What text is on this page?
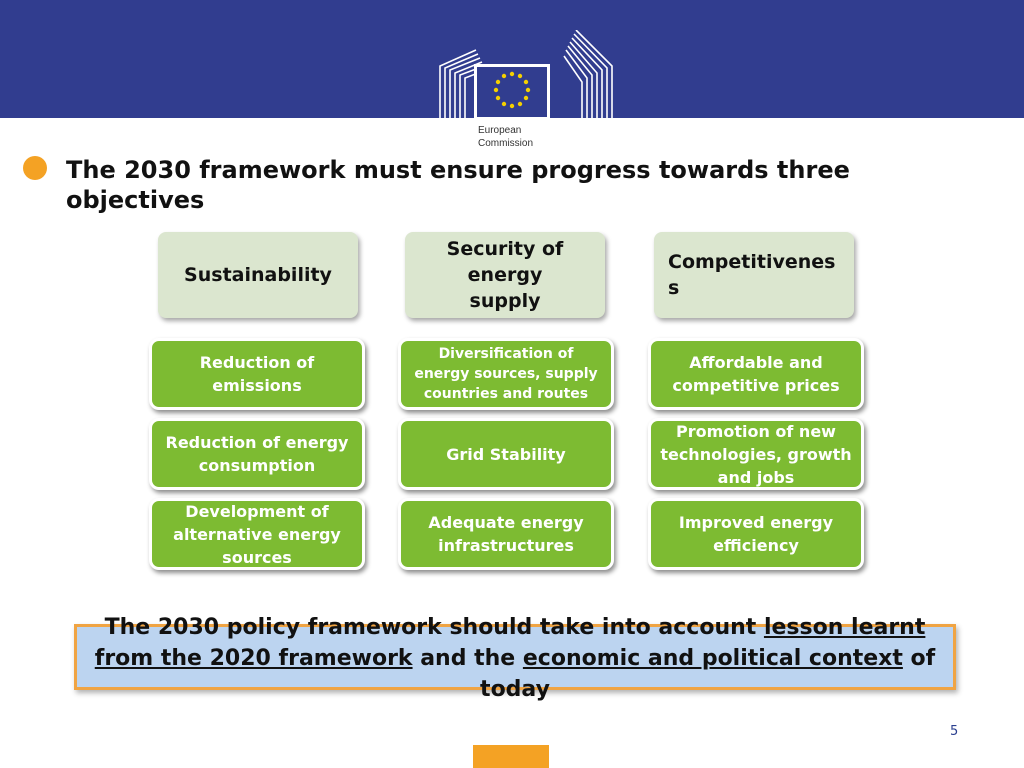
European
Commission

The 2030 framework must ensure progress towards three objectives

Sustainability
Security of energy supply
Competitiveness
Reduction of emissions
Reduction of energy consumption
Development of alternative energy sources
Diversification of energy sources, supply countries and routes
Grid Stability
Adequate energy infrastructures
Affordable and competitive prices
Promotion of new technologies, growth and jobs
Improved energy efficiency

The 2030 policy framework should take into account lesson learnt from the 2020 framework and the economic and political context of today

5
